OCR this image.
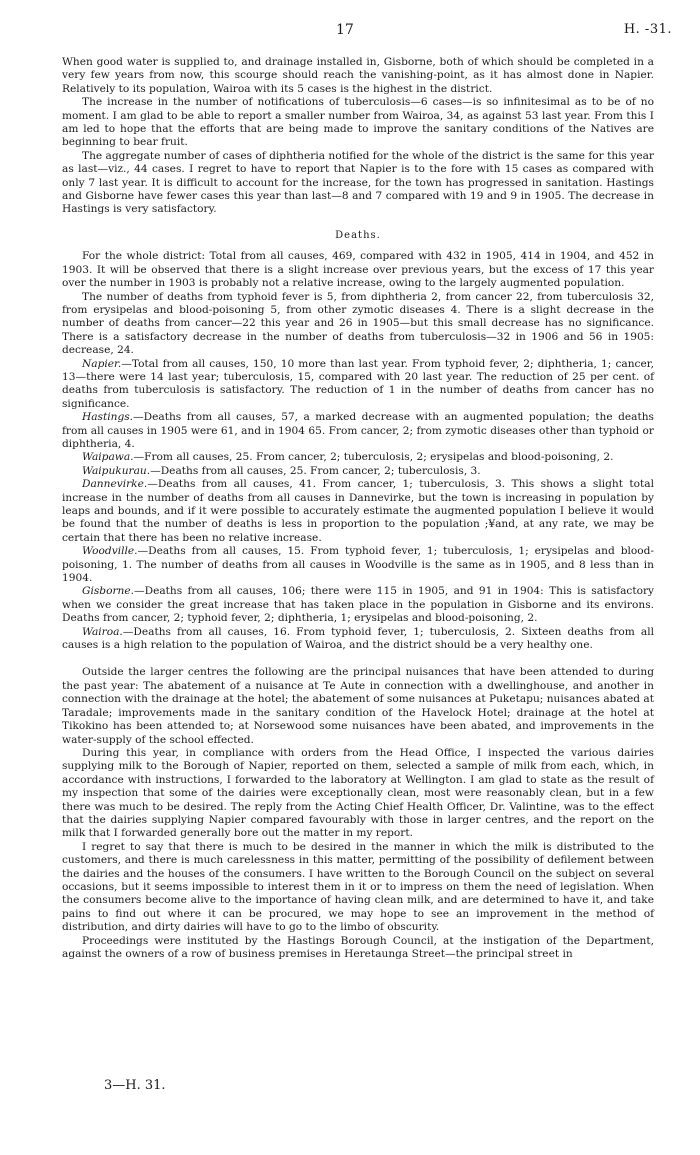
17	H. -31.

When good water is supplied to, and drainage installed in, Gisborne, both of which should be completed in a very few years from now, this scourge should reach the vanishing-point, as it has almost done in Napier. Relatively to its population, Wairoa with its 5 cases is the highest in the district.

The increase in the number of notifications of tuberculosis—6 cases—is so infinitesimal as to be of no moment. I am glad to be able to report a smaller number from Wairoa, 34, as against 53 last year. From this I am led to hope that the efforts that are being made to improve the sanitary conditions of the Natives are beginning to bear fruit.

The aggregate number of cases of diphtheria notified for the whole of the district is the same for this year as last—viz., 44 cases. I regret to have to report that Napier is to the fore with 15 cases as compared with only 7 last year. It is difficult to account for the increase, for the town has progressed in sanitation. Hastings and Gisborne have fewer cases this year than last—8 and 7 compared with 19 and 9 in 1905. The decrease in Hastings is very satisfactory.

Deaths.

For the whole district: Total from all causes, 469, compared with 432 in 1905, 414 in 1904, and 452 in 1903. It will be observed that there is a slight increase over previous years, but the excess of 17 this year over the number in 1903 is probably not a relative increase, owing to the largely augmented population.

The number of deaths from typhoid fever is 5, from diphtheria 2, from cancer 22, from tuberculosis 32, from erysipelas and blood-poisoning 5, from other zymotic diseases 4. There is a slight decrease in the number of deaths from cancer—22 this year and 26 in 1905—but this small decrease has no significance. There is a satisfactory decrease in the number of deaths from tuberculosis—32 in 1906 and 56 in 1905: decrease, 24.

Napier.—Total from all causes, 150, 10 more than last year. From typhoid fever, 2; diphtheria, 1; cancer, 13—there were 14 last year; tuberculosis, 15, compared with 20 last year. The reduction of 25 per cent. of deaths from tuberculosis is satisfactory. The reduction of 1 in the number of deaths from cancer has no significance.

Hastings.—Deaths from all causes, 57, a marked decrease with an augmented population; the deaths from all causes in 1905 were 61, and in 1904 65. From cancer, 2; from zymotic diseases other than typhoid or diphtheria, 4.

Waipawa.—From all causes, 25. From cancer, 2; tuberculosis, 2; erysipelas and blood-poisoning, 2.

Waipukurau.—Deaths from all causes, 25. From cancer, 2; tuberculosis, 3.

Dannevirke.—Deaths from all causes, 41. From cancer, 1; tuberculosis, 3. This shows a slight total increase in the number of deaths from all causes in Dannevirke, but the town is increasing in population by leaps and bounds, and if it were possible to accurately estimate the augmented population I believe it would be found that the number of deaths is less in proportion to the population ;¥and, at any rate, we may be certain that there has been no relative increase.

Woodville.—Deaths from all causes, 15. From typhoid fever, 1; tuberculosis, 1; erysipelas and blood-poisoning, 1. The number of deaths from all causes in Woodville is the same as in 1905, and 8 less than in 1904.

Gisborne.—Deaths from all causes, 106; there were 115 in 1905, and 91 in 1904: This is satisfactory when we consider the great increase that has taken place in the population in Gisborne and its environs. Deaths from cancer, 2; typhoid fever, 2; diphtheria, 1; erysipelas and blood-poisoning, 2.

Wairoa.—Deaths from all causes, 16. From typhoid fever, 1; tuberculosis, 2. Sixteen deaths from all causes is a high relation to the population of Wairoa, and the district should be a very healthy one.

Outside the larger centres the following are the principal nuisances that have been attended to during the past year: The abatement of a nuisance at Te Aute in connection with a dwellinghouse, and another in connection with the drainage at the hotel; the abatement of some nuisances at Puketapu; nuisances abated at Taradale; improvements made in the sanitary condition of the Havelock Hotel; drainage at the hotel at Tikokino has been attended to; at Norsewood some nuisances have been abated, and improvements in the water-supply of the school effected.

During this year, in compliance with orders from the Head Office, I inspected the various dairies supplying milk to the Borough of Napier, reported on them, selected a sample of milk from each, which, in accordance with instructions, I forwarded to the laboratory at Wellington. I am glad to state as the result of my inspection that some of the dairies were exceptionally clean, most were reasonably clean, but in a few there was much to be desired. The reply from the Acting Chief Health Officer, Dr. Valintine, was to the effect that the dairies supplying Napier compared favourably with those in larger centres, and the report on the milk that I forwarded generally bore out the matter in my report.

I regret to say that there is much to be desired in the manner in which the milk is distributed to the customers, and there is much carelessness in this matter, permitting of the possibility of defilement between the dairies and the houses of the consumers. I have written to the Borough Council on the subject on several occasions, but it seems impossible to interest them in it or to impress on them the need of legislation. When the consumers become alive to the importance of having clean milk, and are determined to have it, and take pains to find out where it can be procured, we may hope to see an improvement in the method of distribution, and dirty dairies will have to go to the limbo of obscurity.

Proceedings were instituted by the Hastings Borough Council, at the instigation of the Department, against the owners of a row of business premises in Heretaunga Street—the principal street in

3—H. 31.
